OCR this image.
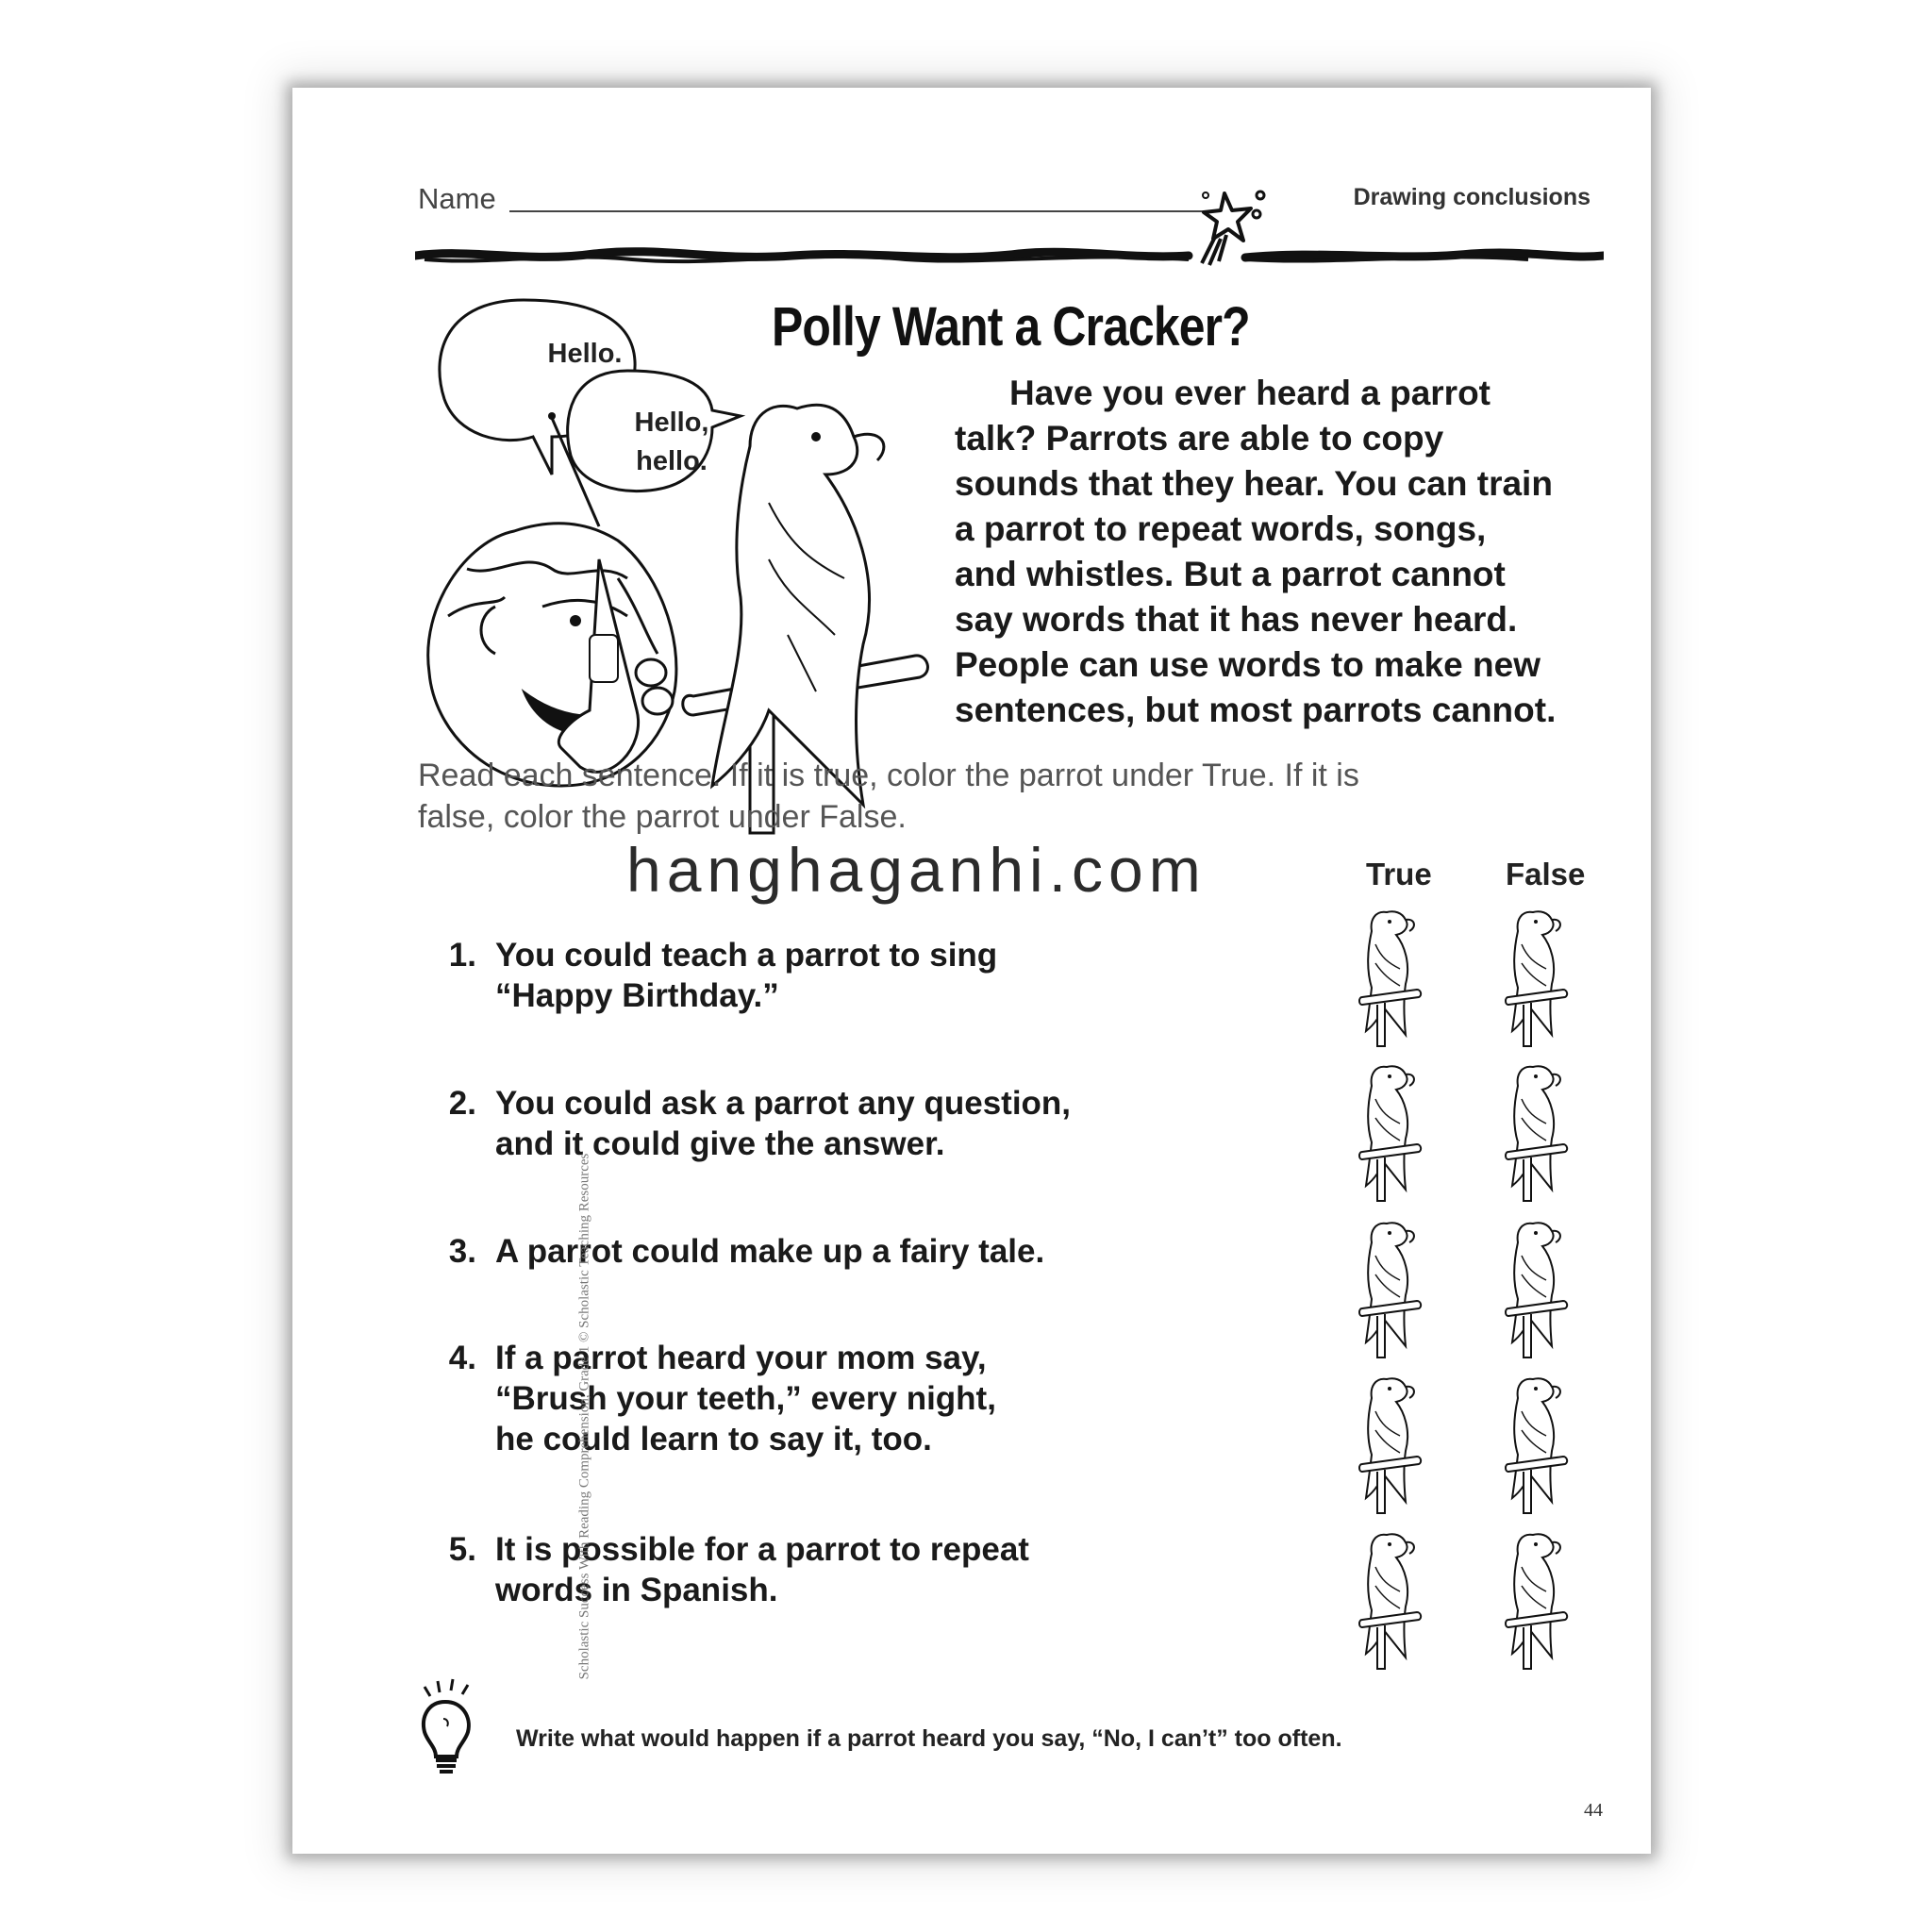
Name	Drawing conclusions
Hello.
Hello,
hello.
Polly Want a Cracker?
Have you ever heard a parrot
talk? Parrots are able to copy
sounds that they hear. You can train
a parrot to repeat words, songs,
and whistles. But a parrot cannot
say words that it has never heard.
People can use words to make new
sentences, but most parrots cannot.
Read each sentence. If it is true, color the parrot under True. If it is
false, color the parrot under False.
hanghaganhi.com	True False
1. You could teach a parrot to sing
“Happy Birthday.”
2. You could ask a parrot any question,
and it could give the answer.
3. A parrot could make up a fairy tale.
4. If a parrot heard your mom say,
“Brush your teeth,” every night,
he could learn to say it, too.
5. It is possible for a parrot to repeat
words in Spanish.
Write what would happen if a parrot heard you say, “No, I can’t” too often.
44
Scholastic Success With Reading Comprehension, Grade 1 © Scholastic Teaching Resources
